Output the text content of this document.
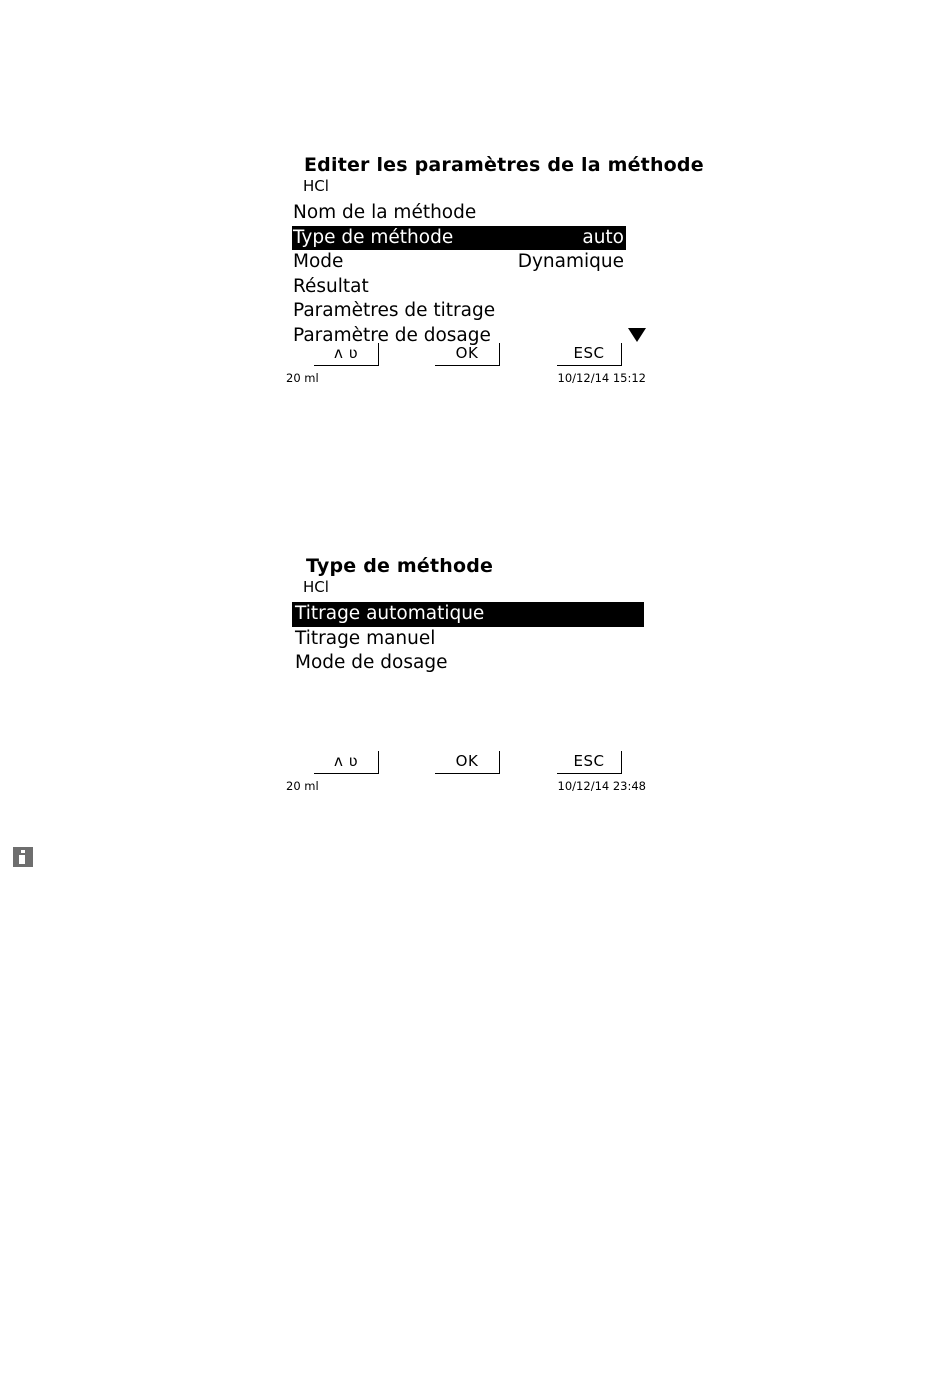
Editer les paramètres de la méthode
HCl
Nom de la méthode
Type de méthode	auto
Mode	Dynamique
Résultat
Paramètres de titrage
Paramètre de dosage
ʌ ʋ	OK	ESC
20 ml	10/12/14 15:12
Type de méthode
HCl
Titrage automatique
Titrage manuel
Mode de dosage
ʌ ʋ	OK	ESC
20 ml	10/12/14 23:48
